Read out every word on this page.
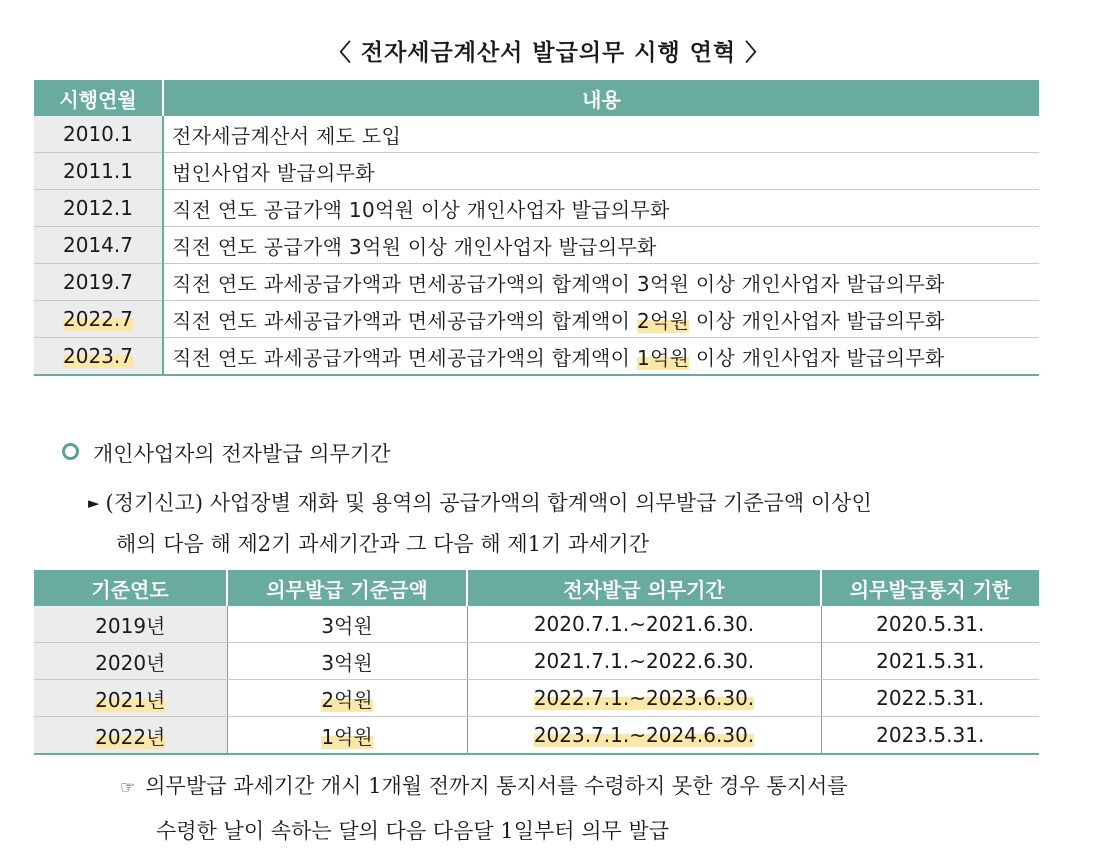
〈 전자세금계산서 발급의무 시행 연혁 〉
시행연월	내용
2010.1	전자세금계산서 제도 도입
2011.1	법인사업자 발급의무화
2012.1	직전 연도 공급가액 10억원 이상 개인사업자 발급의무화
2014.7	직전 연도 공급가액 3억원 이상 개인사업자 발급의무화
2019.7	직전 연도 과세공급가액과 면세공급가액의 합계액이 3억원 이상 개인사업자 발급의무화
2022.7	직전 연도 과세공급가액과 면세공급가액의 합계액이 2억원 이상 개인사업자 발급의무화
2023.7	직전 연도 과세공급가액과 면세공급가액의 합계액이 1억원 이상 개인사업자 발급의무화
개인사업자의 전자발급 의무기간
► (정기신고) 사업장별 재화 및 용역의 공급가액의 합계액이 의무발급 기준금액 이상인
해의 다음 해 제2기 과세기간과 그 다음 해 제1기 과세기간
기준연도	의무발급 기준금액	전자발급 의무기간	의무발급통지 기한
2019년	3억원	2020.7.1.~2021.6.30.	2020.5.31.
2020년	3억원	2021.7.1.~2022.6.30.	2021.5.31.
2021년	2억원	2022.7.1.~2023.6.30.	2022.5.31.
2022년	1억원	2023.7.1.~2024.6.30.	2023.5.31.
☞ 의무발급 과세기간 개시 1개월 전까지 통지서를 수령하지 못한 경우 통지서를
수령한 날이 속하는 달의 다음 다음달 1일부터 의무 발급
